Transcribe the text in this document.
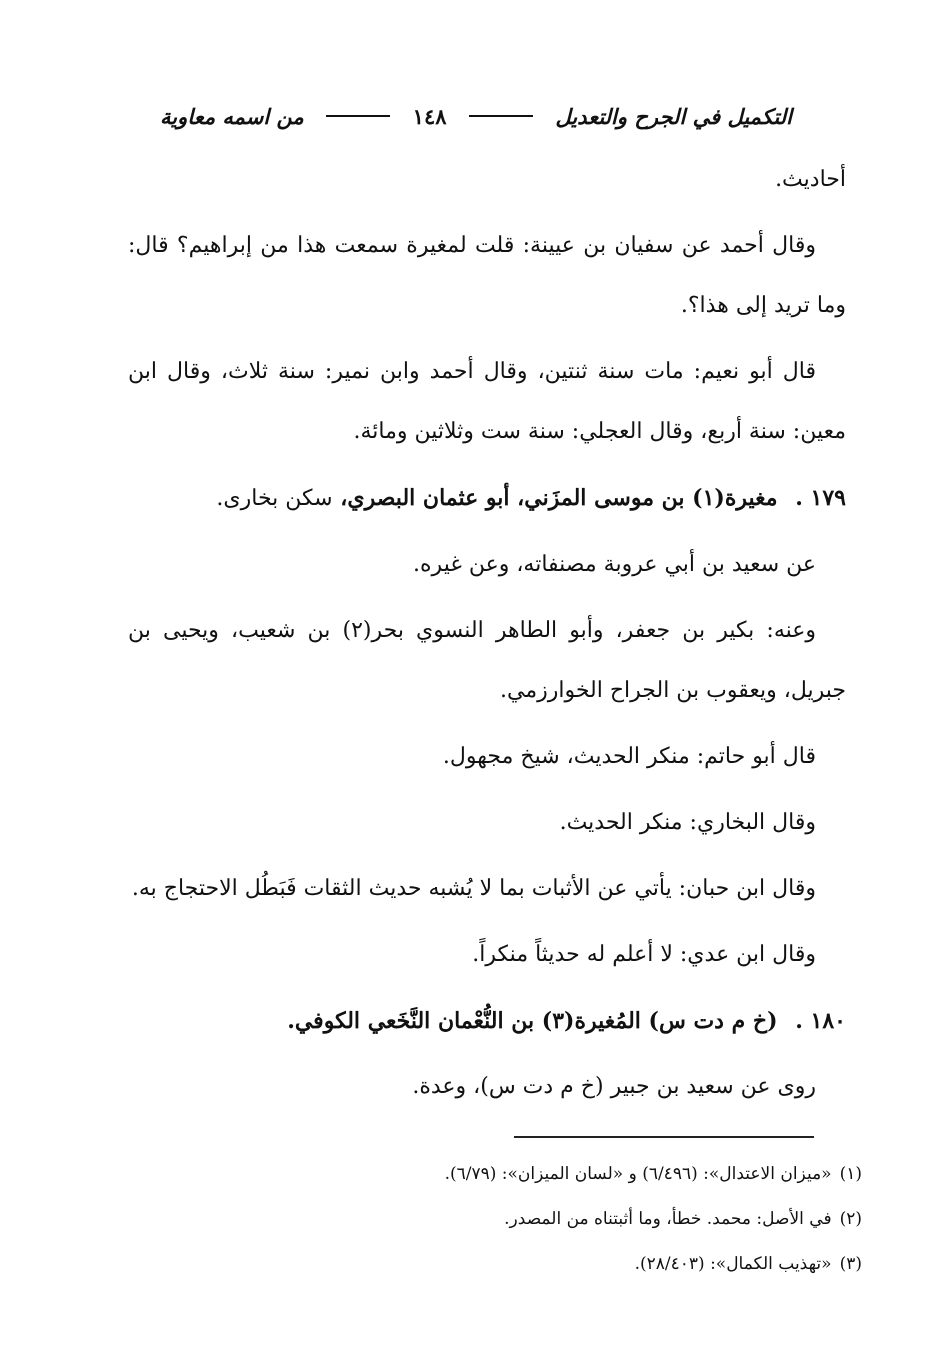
التكميل في الجرح والتعديل
١٤٨
من اسمه معاوية

أحاديث.

وقال أحمد عن سفيان بن عيينة: قلت لمغيرة سمعت هذا من إبراهيم؟ قال: وما تريد إلى هذا؟.

قال أبو نعيم: مات سنة ثنتين، وقال أحمد وابن نمير: سنة ثلاث، وقال ابن معين: سنة أربع، وقال العجلي: سنة ست وثلاثين ومائة.

١٧٩ . مغيرة(١) بن موسى المزَني، أبو عثمان البصري، سكن بخارى.

عن سعيد بن أبي عروبة مصنفاته، وعن غيره.

وعنه: بكير بن جعفر، وأبو الطاهر النسوي بحر(٢) بن شعيب، ويحيى بن جبريل، ويعقوب بن الجراح الخوارزمي.

قال أبو حاتم: منكر الحديث، شيخ مجهول.

وقال البخاري: منكر الحديث.

وقال ابن حبان: يأتي عن الأثبات بما لا يُشبه حديث الثقات فَبَطُل الاحتجاج به.

وقال ابن عدي: لا أعلم له حديثاً منكراً.

١٨٠ . (خ م دت س) المُغيرة(٣) بن النُّعْمان النَّخَعي الكوفي.

روى عن سعيد بن جبير (خ م دت س)، وعدة.

(١)«ميزان الاعتدال»: (٦/٤٩٦) و «لسان الميزان»: (٦/٧٩).
(٢)في الأصل: محمد. خطأ، وما أثبتناه من المصدر.
(٣)«تهذيب الكمال»: (٢٨/٤٠٣).
